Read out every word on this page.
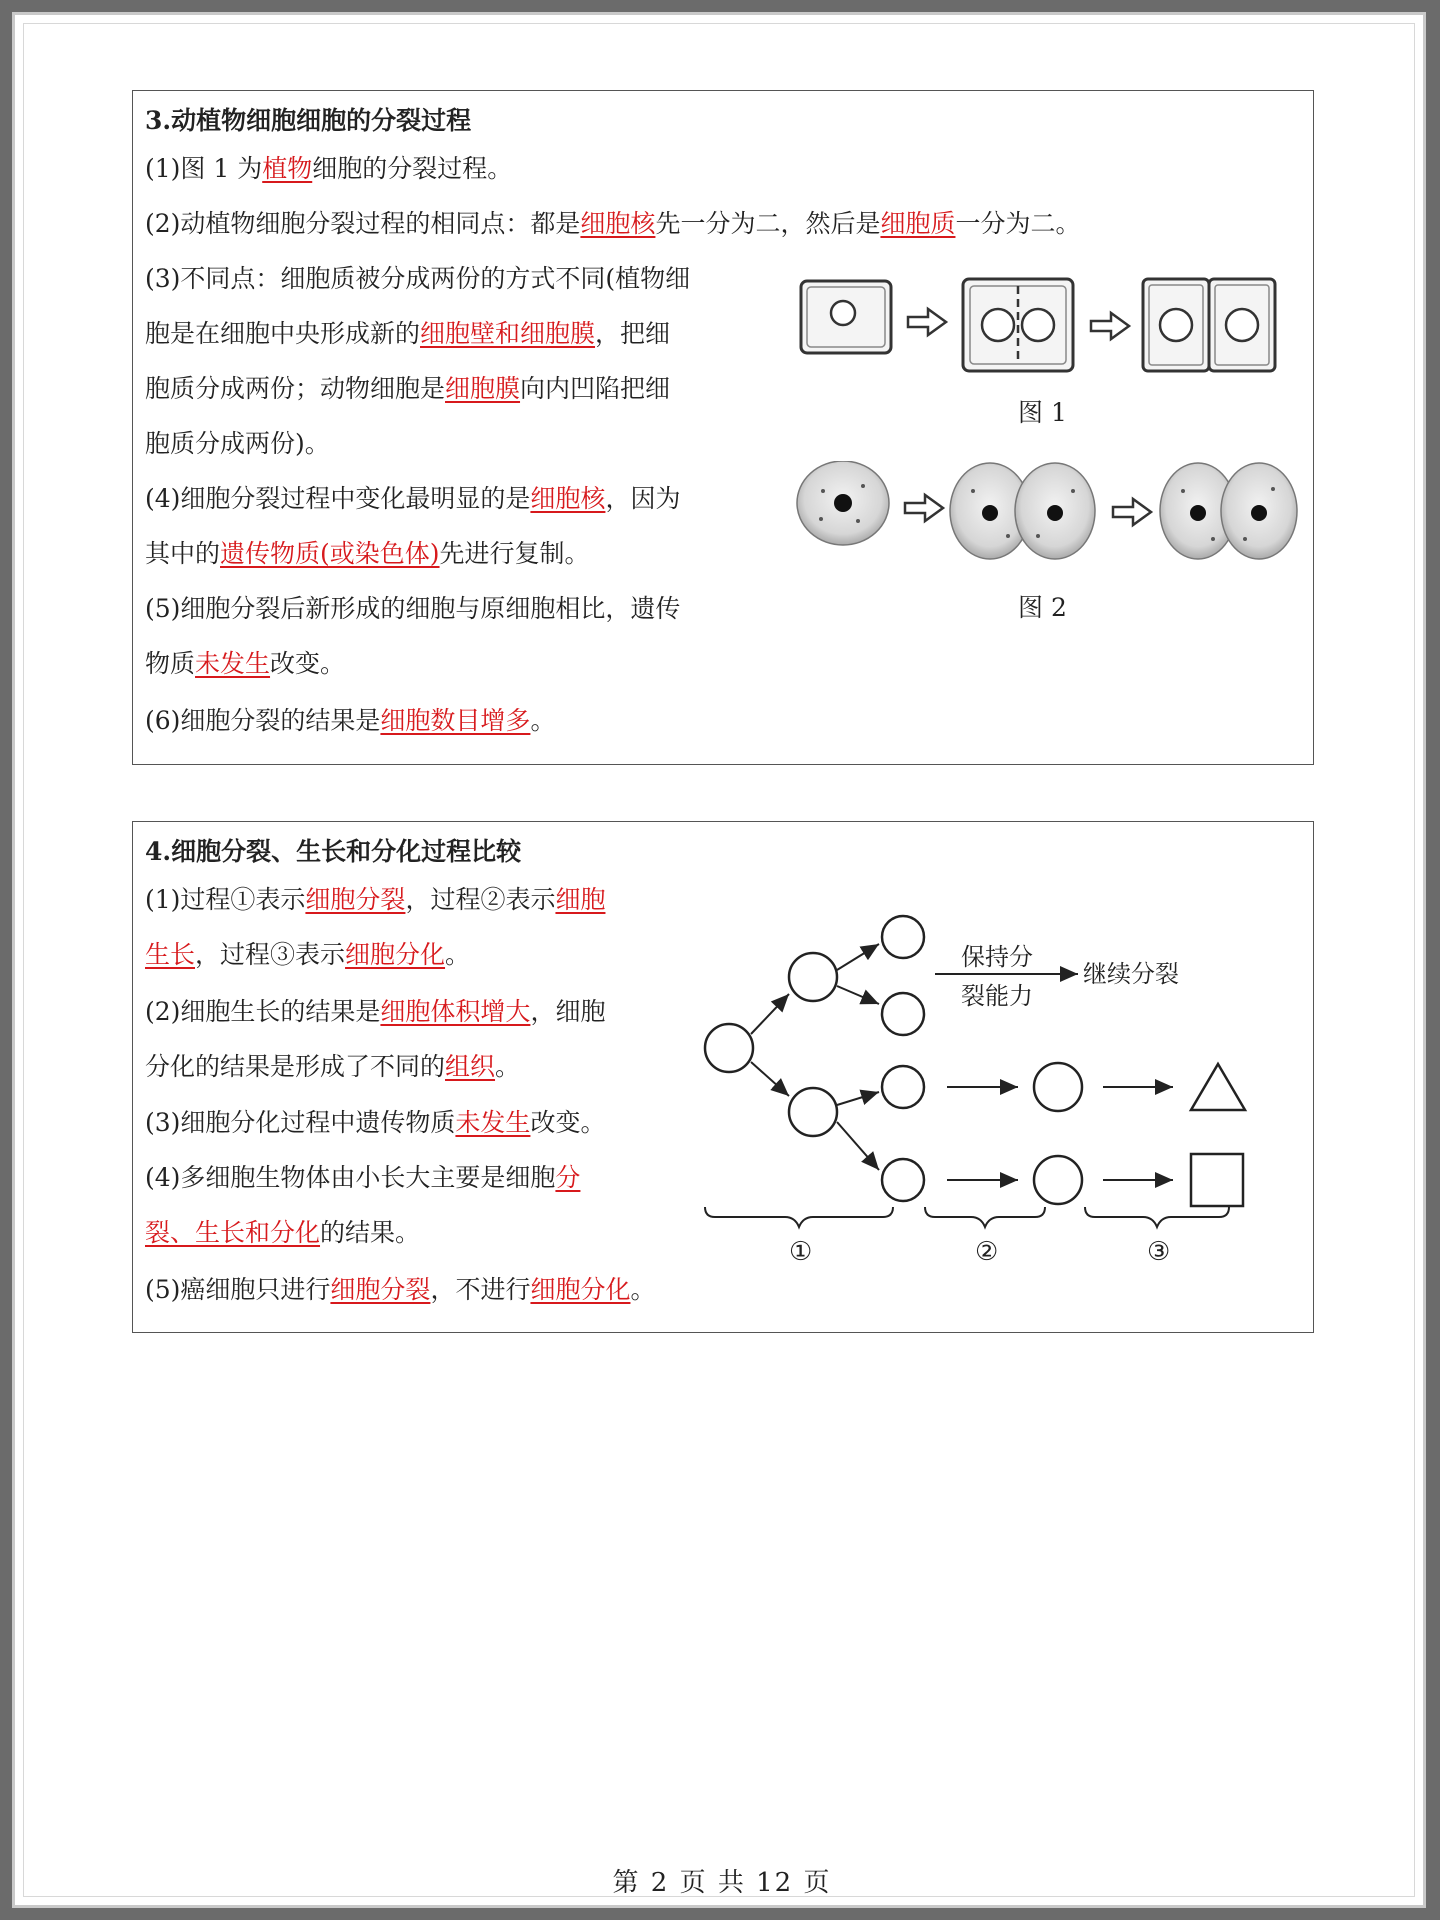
3.动植物细胞细胞的分裂过程
(1)图 1 为植物细胞的分裂过程。
(2)动植物细胞分裂过程的相同点：都是细胞核先一分为二，然后是细胞质一分为二。
(3)不同点：细胞质被分成两份的方式不同(植物细
胞是在细胞中央形成新的细胞壁和细胞膜，把细
胞质分成两份；动物细胞是细胞膜向内凹陷把细
胞质分成两份)。
(4)细胞分裂过程中变化最明显的是细胞核，因为
其中的遗传物质(或染色体)先进行复制。
(5)细胞分裂后新形成的细胞与原细胞相比，遗传
物质未发生改变。
(6)细胞分裂的结果是细胞数目增多。
图 1
图 2
4.细胞分裂、生长和分化过程比较
(1)过程①表示细胞分裂，过程②表示细胞
生长，过程③表示细胞分化。
(2)细胞生长的结果是细胞体积增大，细胞
分化的结果是形成了不同的组织。
(3)细胞分化过程中遗传物质未发生改变。
(4)多细胞生物体由小长大主要是细胞分
裂、生长和分化的结果。
(5)癌细胞只进行细胞分裂，不进行细胞分化。
保持分
裂能力
继续分裂
①	②	③
第 2 页 共 12 页
